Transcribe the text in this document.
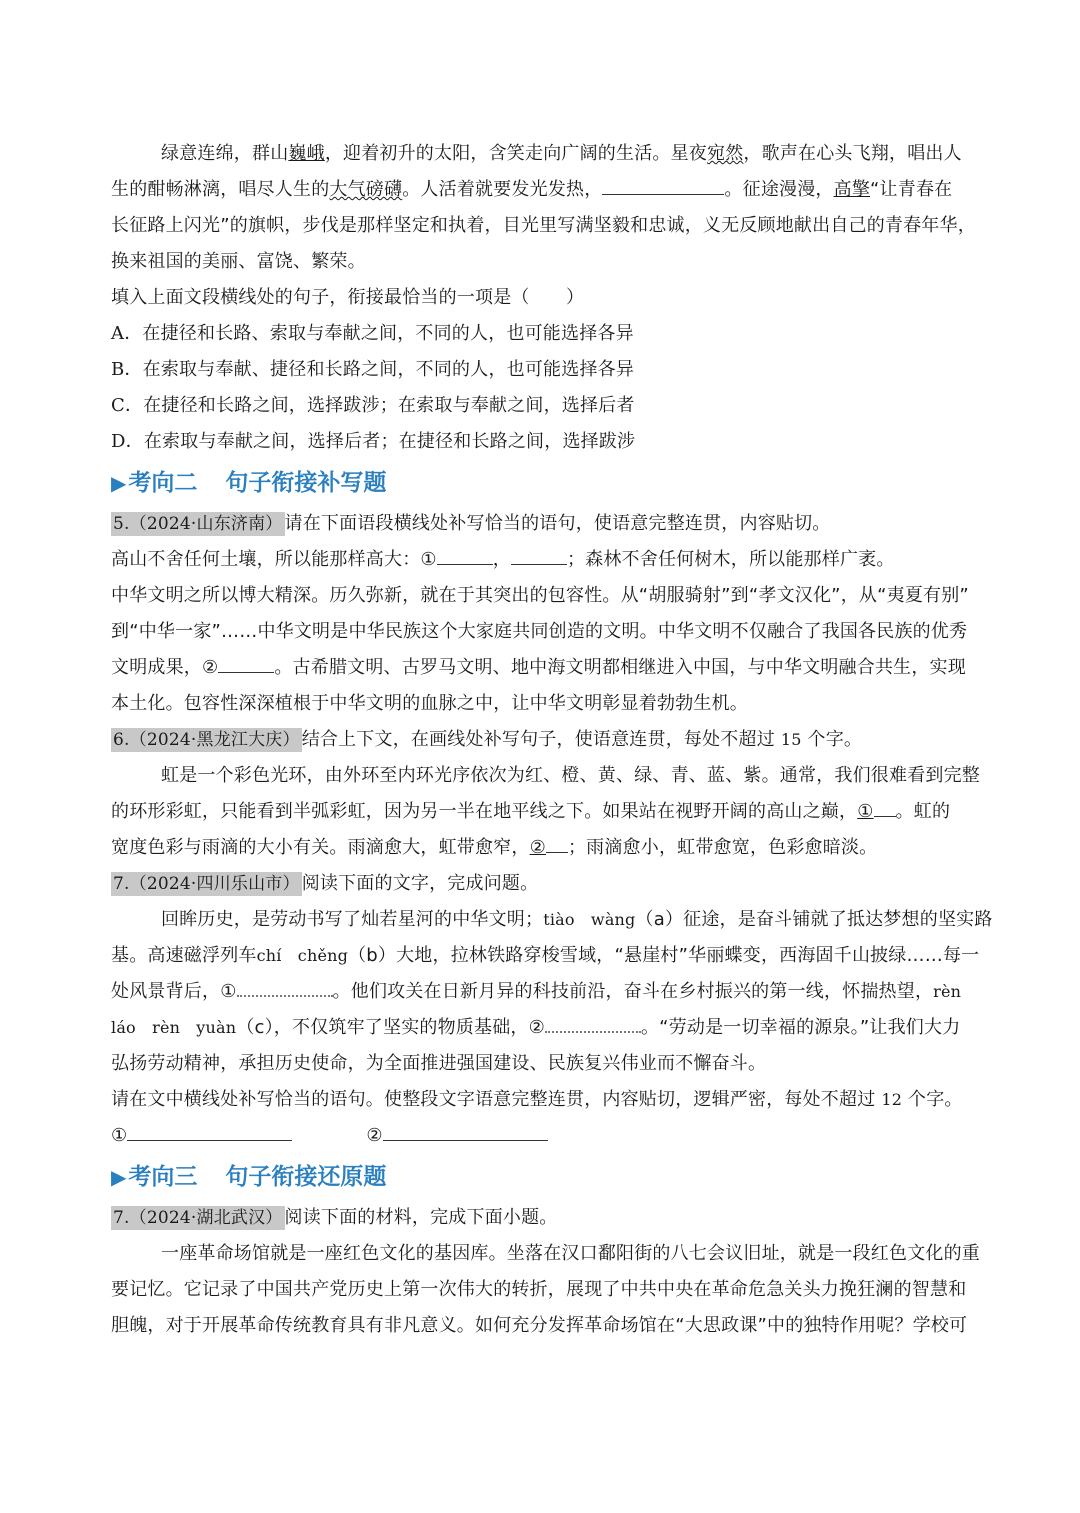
绿意连绵，群山巍峨，迎着初升的太阳，含笑走向广阔的生活。星夜宛然，歌声在心头飞翔，唱出人
生的酣畅淋漓，唱尽人生的大气磅礴。人活着就要发光发热，	。征途漫漫，高擎“让青春在
长征路上闪光”的旗帜，步伐是那样坚定和执着，目光里写满坚毅和忠诚，义无反顾地献出自己的青春年华，
换来祖国的美丽、富饶、繁荣。
填入上面文段横线处的句子，衔接最恰当的一项是（　　）
A．在捷径和长路、索取与奉献之间，不同的人，也可能选择各异
B．在索取与奉献、捷径和长路之间，不同的人，也可能选择各异
C．在捷径和长路之间，选择跋涉；在索取与奉献之间，选择后者
D．在索取与奉献之间，选择后者；在捷径和长路之间，选择跋涉
▶ 考向二 句子衔接补写题
5.（2024·山东济南） 请在下面语段横线处补写恰当的语句，使语意完整连贯，内容贴切。
高山不舍任何土壤，所以能那样高大：①	，	；森林不舍任何树木，所以能那样广袤。
中华文明之所以博大精深。历久弥新，就在于其突出的包容性。从“胡服骑射”到“孝文汉化”，从“夷夏有别”
到“中华一家”……中华文明是中华民族这个大家庭共同创造的文明。中华文明不仅融合了我国各民族的优秀
文明成果，②	。古希腊文明、古罗马文明、地中海文明都相继进入中国，与中华文明融合共生，实现
本土化。包容性深深植根于中华文明的血脉之中，让中华文明彰显着勃勃生机。
6.（2024·黑龙江大庆） 结合上下文，在画线处补写句子，使语意连贯，每处不超过 15 个字。
虹是一个彩色光环，由外环至内环光序依次为红、橙、黄、绿、青、蓝、紫。通常，我们很难看到完整
的环形彩虹，只能看到半弧彩虹，因为另一半在地平线之下。如果站在视野开阔的高山之巅，① 。虹的
宽度色彩与雨滴的大小有关。雨滴愈大，虹带愈窄，② ；雨滴愈小，虹带愈宽，色彩愈暗淡。
7.（2024·四川乐山市） 阅读下面的文字，完成问题。
回眸历史，是劳动书写了灿若星河的中华文明；tiào　wàng（a）征途，是奋斗铺就了抵达梦想的坚实路
基。高速磁浮列车chí　chěng（b）大地，拉林铁路穿梭雪域，“悬崖村”华丽蝶变，西海固千山披绿……每一
处风景背后，①	。他们攻关在日新月异的科技前沿，奋斗在乡村振兴的第一线，怀揣热望，rèn
láo　rèn　yuàn（c），不仅筑牢了坚实的物质基础，②	。“劳动是一切幸福的源泉。”让我们大力
弘扬劳动精神，承担历史使命，为全面推进强国建设、民族复兴伟业而不懈奋斗。
请在文中横线处补写恰当的语句。使整段文字语意完整连贯，内容贴切，逻辑严密，每处不超过 12 个字。
①	②
▶ 考向三 句子衔接还原题
7.（2024·湖北武汉） 阅读下面的材料，完成下面小题。
一座革命场馆就是一座红色文化的基因库。坐落在汉口鄱阳街的八七会议旧址，就是一段红色文化的重
要记忆。它记录了中国共产党历史上第一次伟大的转折，展现了中共中央在革命危急关头力挽狂澜的智慧和
胆魄，对于开展革命传统教育具有非凡意义。如何充分发挥革命场馆在“大思政课”中的独特作用呢？学校可
